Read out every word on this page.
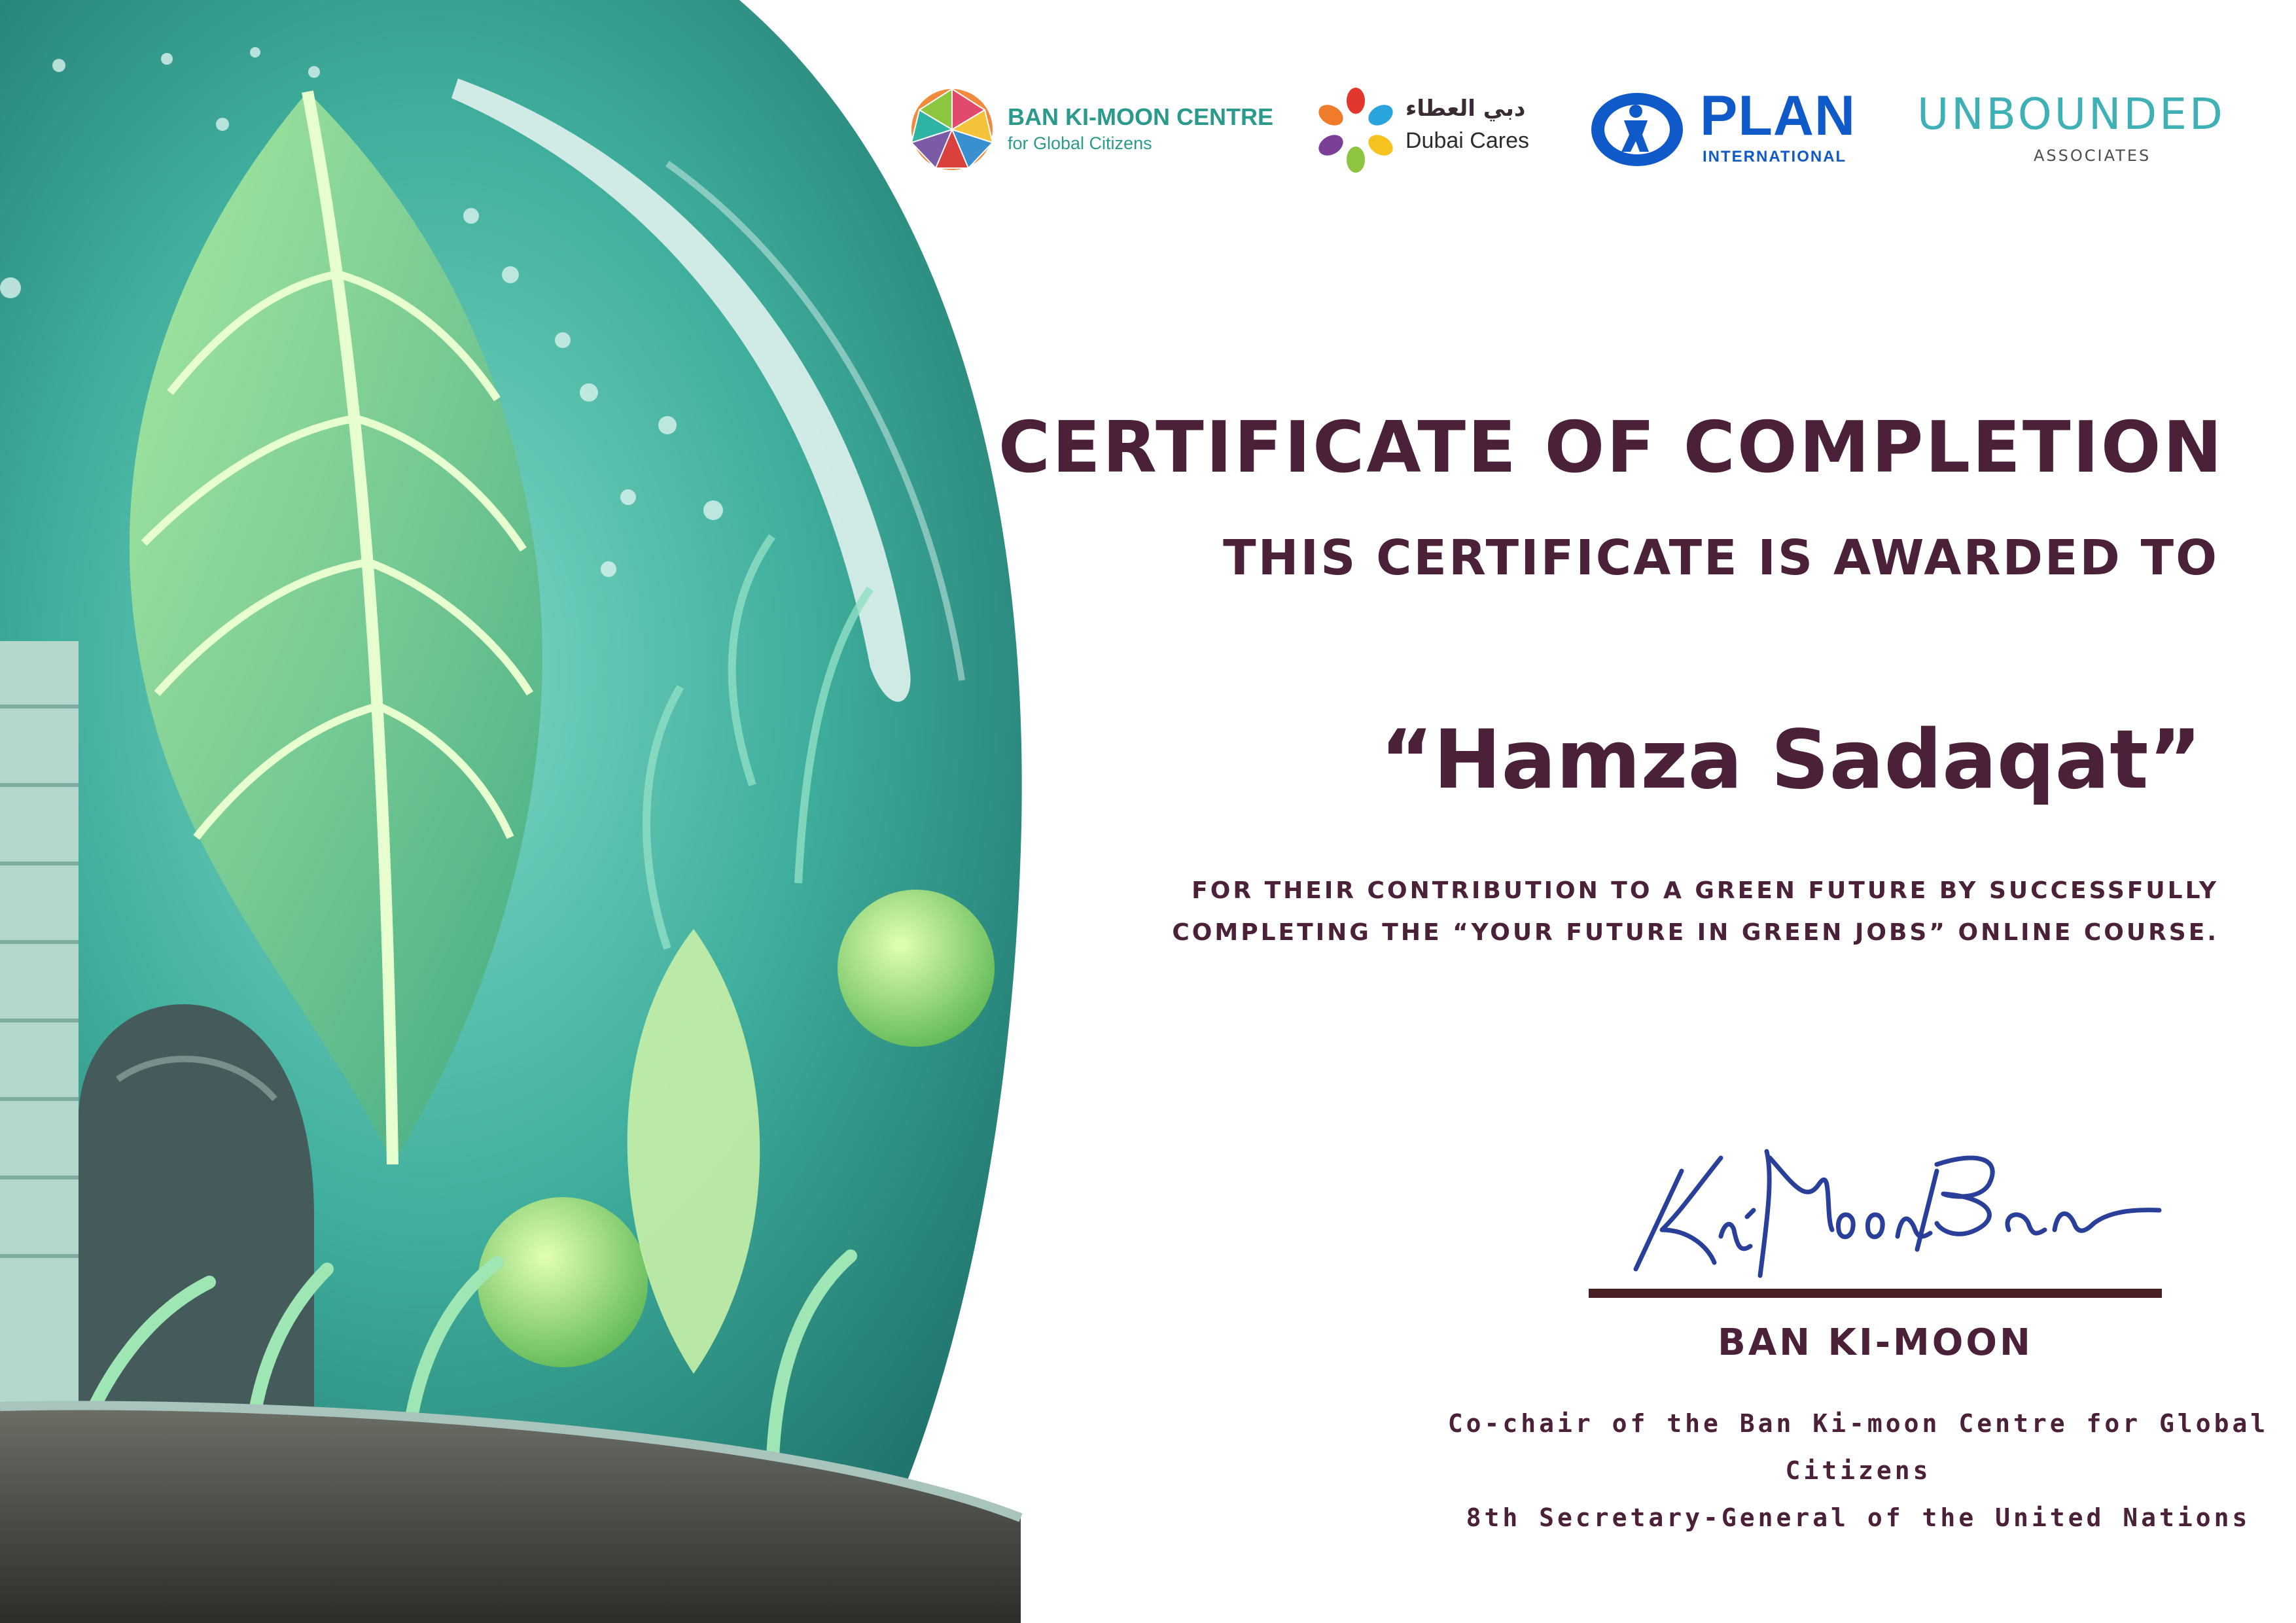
BAN KI-MOON CENTRE
for Global Citizens
دبي العطاء
Dubai Cares	PLAN
INTERNATIONAL
UNBOUNDED
ASSOCIATES
CERTIFICATE OF COMPLETION
THIS CERTIFICATE IS AWARDED TO
“Hamza Sadaqat”
FOR THEIR CONTRIBUTION TO A GREEN FUTURE BY SUCCESSFULLY
COMPLETING THE “YOUR FUTURE IN GREEN JOBS” ONLINE COURSE.
BAN KI-MOON
Co-chair of the Ban Ki-moon Centre for Global
Citizens
8th Secretary-General of the United Nations
